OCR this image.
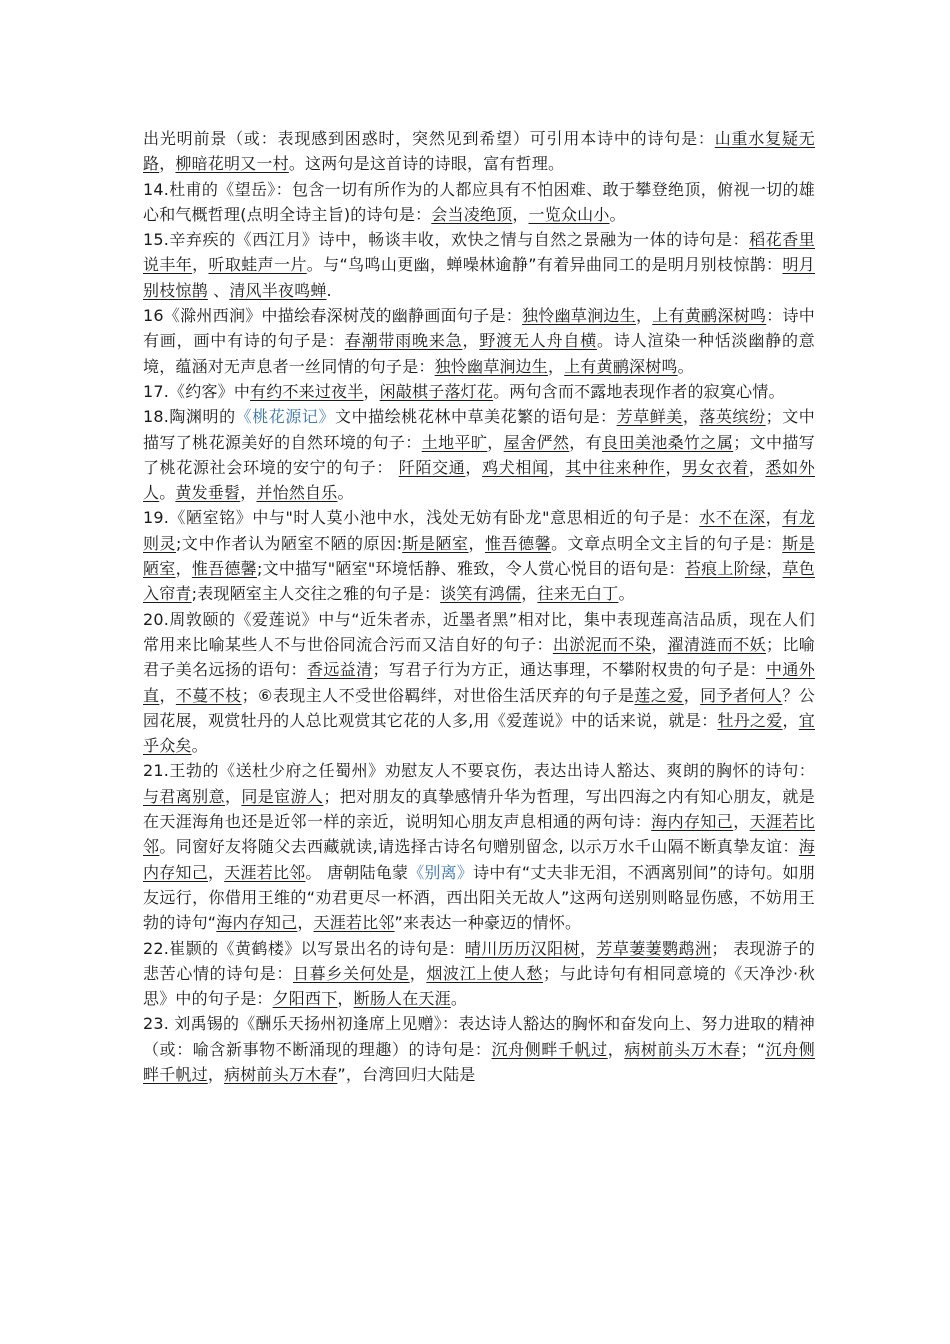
出光明前景（或：表现感到困惑时，突然见到希望）可引用本诗中的诗句是：山重水复疑无路，柳暗花明又一村。这两句是这首诗的诗眼，富有哲理。

14.杜甫的《望岳》：包含一切有所作为的人都应具有不怕困难、敢于攀登绝顶，俯视一切的雄心和气概哲理(点明全诗主旨)的诗句是：会当凌绝顶，一览众山小。

15.辛弃疾的《西江月》诗中，畅谈丰收，欢快之情与自然之景融为一体的诗句是：稻花香里说丰年，听取蛙声一片。与“鸟鸣山更幽，蝉噪林逾静”有着异曲同工的是明月别枝惊鹊：明月别枝惊鹊 、清风半夜鸣蝉.

16《滁州西涧》中描绘春深树茂的幽静画面句子是：独怜幽草涧边生，上有黄鹂深树鸣：诗中有画，画中有诗的句子是：春潮带雨晚来急，野渡无人舟自横。诗人渲染一种恬淡幽静的意境，蕴涵对无声息者一丝同情的句子是：独怜幽草涧边生，上有黄鹂深树鸣。

17.《约客》中有约不来过夜半，闲敲棋子落灯花。两句含而不露地表现作者的寂寞心情。

18.陶渊明的《桃花源记》文中描绘桃花林中草美花繁的语句是：芳草鲜美，落英缤纷；文中描写了桃花源美好的自然环境的句子：土地平旷，屋舍俨然，有良田美池桑竹之属；文中描写了桃花源社会环境的安宁的句子： 阡陌交通，鸡犬相闻，其中往来种作，男女衣着，悉如外人。黄发垂髫，并怡然自乐。

19.《陋室铭》中与"时人莫小池中水，浅处无妨有卧龙"意思相近的句子是：水不在深，有龙则灵;文中作者认为陋室不陋的原因:斯是陋室，惟吾德馨。文章点明全文主旨的句子是：斯是陋室，惟吾德馨;文中描写"陋室"环境恬静、雅致，令人赏心悦目的语句是：苔痕上阶绿，草色入帘青;表现陋室主人交往之雅的句子是：谈笑有鸿儒，往来无白丁。

20.周敦颐的《爱莲说》中与“近朱者赤，近墨者黑”相对比，集中表现莲高洁品质，现在人们常用来比喻某些人不与世俗同流合污而又洁自好的句子：出淤泥而不染，濯清涟而不妖；比喻君子美名远扬的语句：香远益清；写君子行为方正，通达事理，不攀附权贵的句子是：中通外直，不蔓不枝；⑥表现主人不受世俗羁绊，对世俗生活厌弃的句子是莲之爱，同予者何人？公园花展，观赏牡丹的人总比观赏其它花的人多,用《爱莲说》中的话来说，就是：牡丹之爱，宜乎众矣。

21.王勃的《送杜少府之任蜀州》劝慰友人不要哀伤，表达出诗人豁达、爽朗的胸怀的诗句：与君离别意，同是宦游人；把对朋友的真挚感情升华为哲理，写出四海之内有知心朋友，就是在天涯海角也还是近邻一样的亲近，说明知心朋友声息相通的两句诗：海内存知己，天涯若比邻。同窗好友将随父去西藏就读,请选择古诗名句赠别留念, 以示万水千山隔不断真挚友谊：海内存知己，天涯若比邻。 唐朝陆龟蒙《别离》诗中有“丈夫非无泪，不洒离别间”的诗句。如朋友远行，你借用王维的“劝君更尽一杯酒，西出阳关无故人”这两句送别则略显伤感，不妨用王勃的诗句“海内存知己，天涯若比邻”来表达一种豪迈的情怀。

22.崔颢的《黄鹤楼》以写景出名的诗句是：晴川历历汉阳树，芳草萋萋鹦鹉洲； 表现游子的悲苦心情的诗句是：日暮乡关何处是，烟波江上使人愁；与此诗句有相同意境的《天净沙·秋思》中的句子是：夕阳西下，断肠人在天涯。

23. 刘禹锡的《酬乐天扬州初逢席上见赠》：表达诗人豁达的胸怀和奋发向上、努力进取的精神（或：喻含新事物不断涌现的理趣）的诗句是：沉舟侧畔千帆过，病树前头万木春；“沉舟侧畔千帆过，病树前头万木春”，台湾回归大陆是
